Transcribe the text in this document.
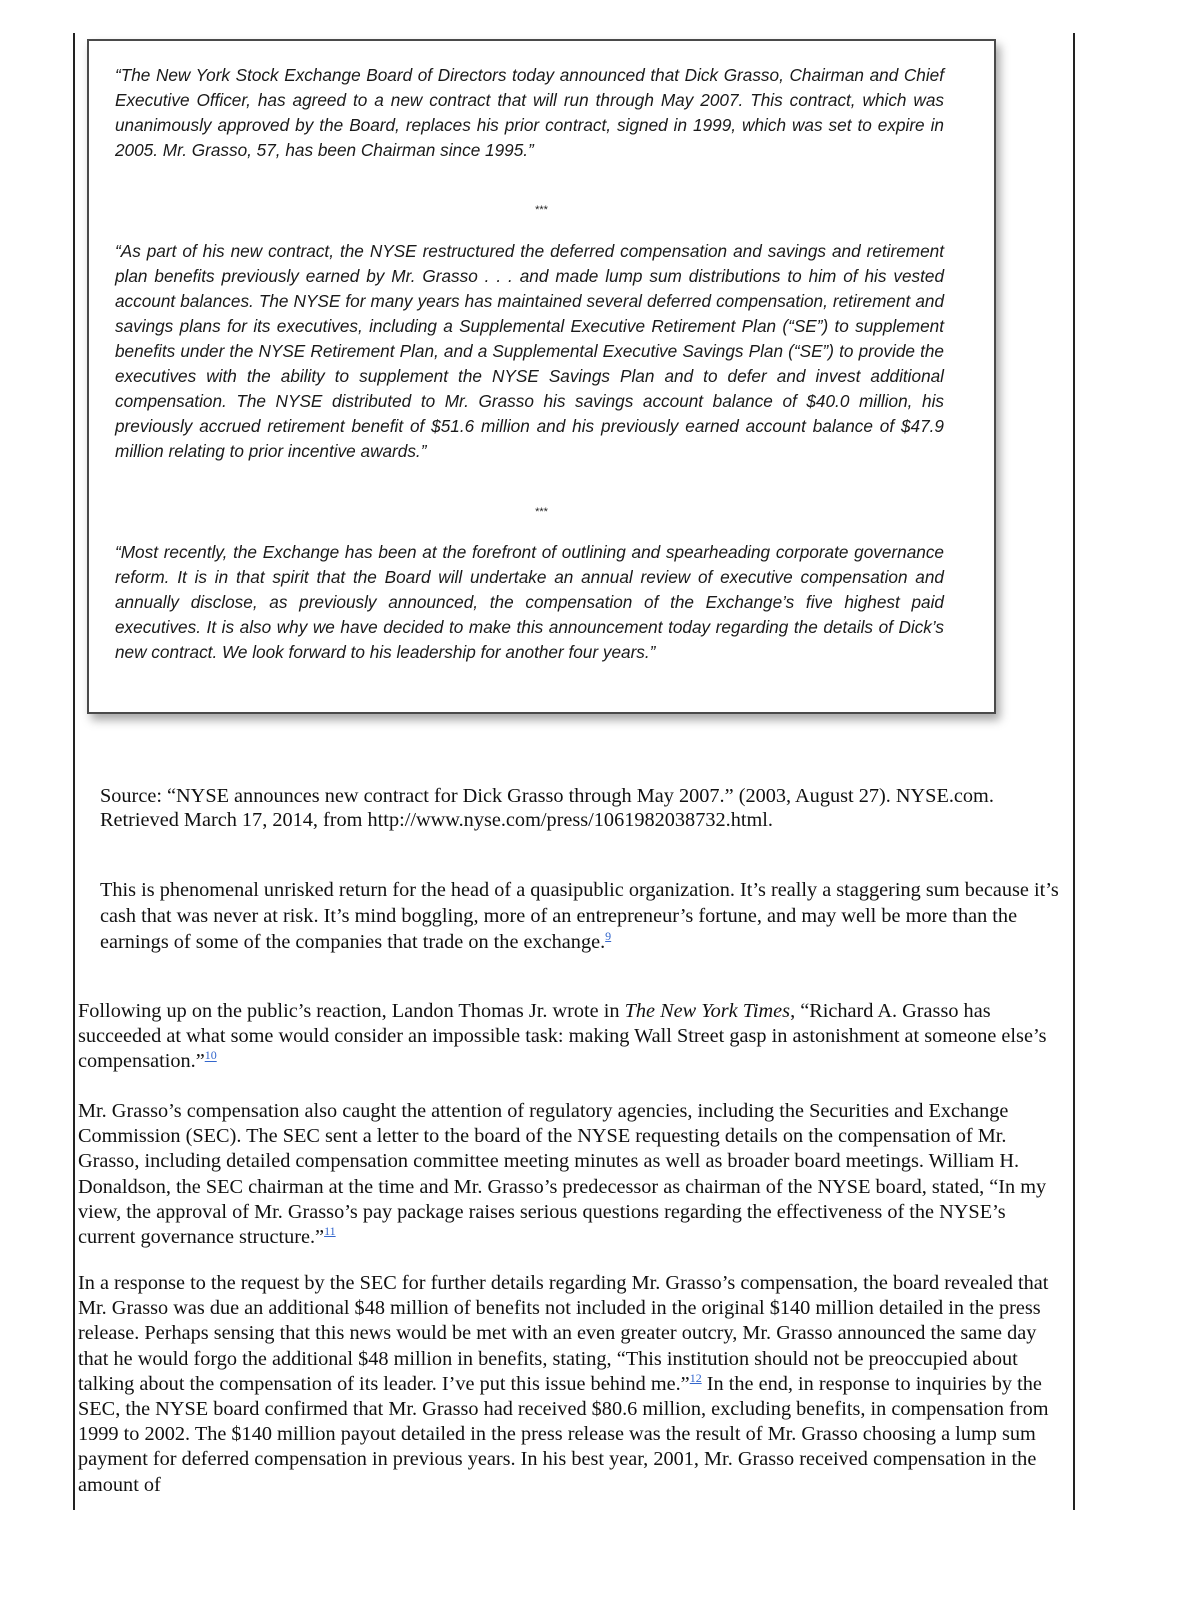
“The New York Stock Exchange Board of Directors today announced that Dick Grasso, Chairman and Chief Executive Officer, has agreed to a new contract that will run through May 2007. This contract, which was unanimously approved by the Board, replaces his prior contract, signed in 1999, which was set to expire in 2005. Mr. Grasso, 57, has been Chairman since 1995.”

***

“As part of his new contract, the NYSE restructured the deferred compensation and savings and retirement plan benefits previously earned by Mr. Grasso . . . and made lump sum distributions to him of his vested account balances. The NYSE for many years has maintained several deferred compensation, retirement and savings plans for its executives, including a Supplemental Executive Retirement Plan (“SE”) to supplement benefits under the NYSE Retirement Plan, and a Supplemental Executive Savings Plan (“SE”) to provide the executives with the ability to supplement the NYSE Savings Plan and to defer and invest additional compensation. The NYSE distributed to Mr. Grasso his savings account balance of $40.0 million, his previously accrued retirement benefit of $51.6 million and his previously earned account balance of $47.9 million relating to prior incentive awards.”

***

“Most recently, the Exchange has been at the forefront of outlining and spearheading corporate governance reform. It is in that spirit that the Board will undertake an annual review of executive compensation and annually disclose, as previously announced, the compensation of the Exchange’s five highest paid executives. It is also why we have decided to make this announcement today regarding the details of Dick’s new contract. We look forward to his leadership for another four years.”

Source: “NYSE announces new contract for Dick Grasso through May 2007.” (2003, August 27). NYSE.com. Retrieved March 17, 2014, from http://www.nyse.com/press/1061982038732.html.

This is phenomenal unrisked return for the head of a quasipublic organization. It’s really a staggering sum because it’s cash that was never at risk. It’s mind boggling, more of an entrepreneur’s fortune, and may well be more than the earnings of some of the companies that trade on the exchange.$^9$

Following up on the public’s reaction, Landon Thomas Jr. wrote in The New York Times, “Richard A. Grasso has succeeded at what some would consider an impossible task: making Wall Street gasp in astonishment at someone else’s compensation.”$^{10}$

Mr. Grasso’s compensation also caught the attention of regulatory agencies, including the Securities and Exchange Commission (SEC). The SEC sent a letter to the board of the NYSE requesting details on the compensation of Mr. Grasso, including detailed compensation committee meeting minutes as well as broader board meetings. William H. Donaldson, the SEC chairman at the time and Mr. Grasso’s predecessor as chairman of the NYSE board, stated, “In my view, the approval of Mr. Grasso’s pay package raises serious questions regarding the effectiveness of the NYSE’s current governance structure.”$^{11}$

In a response to the request by the SEC for further details regarding Mr. Grasso’s compensation, the board revealed that Mr. Grasso was due an additional $48 million of benefits not included in the original $140 million detailed in the press release. Perhaps sensing that this news would be met with an even greater outcry, Mr. Grasso announced the same day that he would forgo the additional $48 million in benefits, stating, “This institution should not be preoccupied about talking about the compensation of its leader. I’ve put this issue behind me.”$^{12}$ In the end, in response to inquiries by the SEC, the NYSE board confirmed that Mr. Grasso had received $80.6 million, excluding benefits, in compensation from 1999 to 2002. The $140 million payout detailed in the press release was the result of Mr. Grasso choosing a lump sum payment for deferred compensation in previous years. In his best year, 2001, Mr. Grasso received compensation in the amount of
